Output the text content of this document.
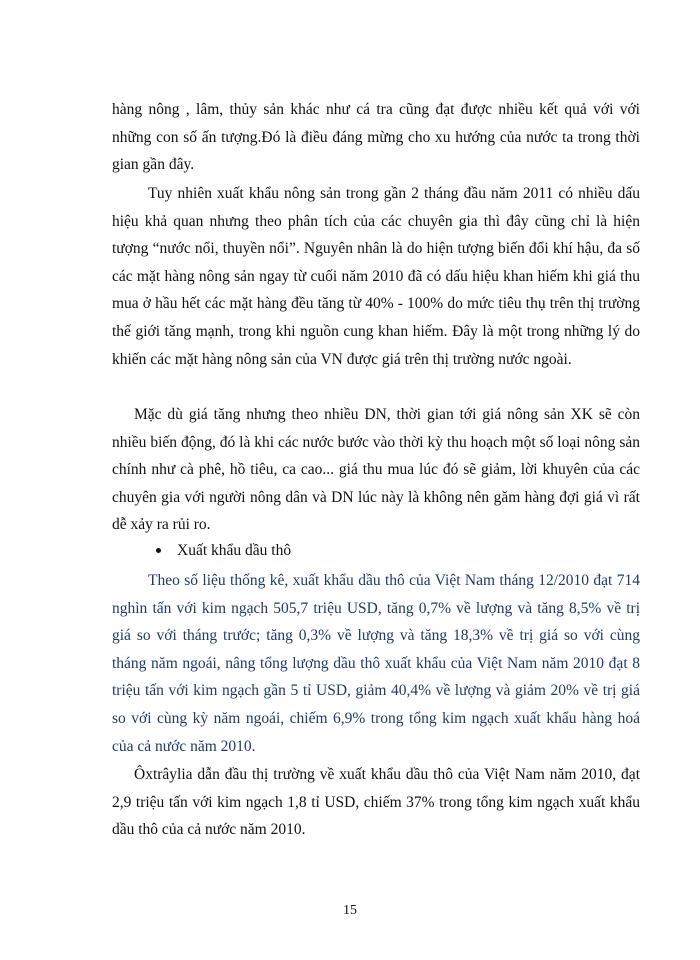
hàng nông , lâm, thủy sản khác như cá tra cũng đạt được nhiều kết quả với với những con số ấn tượng.Đó là điều đáng mừng cho xu hướng của nước ta trong thời gian gần đây.

Tuy nhiên xuất khẩu nông sản trong gần 2 tháng đầu năm 2011 có nhiều dấu hiệu khả quan nhưng theo phân tích của các chuyên gia thì đây cũng chỉ là hiện tượng “nước nổi, thuyền nổi”. Nguyên nhân là do hiện tượng biến đổi khí hậu, đa số các mặt hàng nông sản ngay từ cuối năm 2010 đã có dấu hiệu khan hiếm khi giá thu mua ở hầu hết các mặt hàng đều tăng từ 40% - 100% do mức tiêu thụ trên thị trường thế giới tăng mạnh, trong khi nguồn cung khan hiếm. Đây là một trong những lý do khiến các mặt hàng nông sản của VN được giá trên thị trường nước ngoài.

Mặc dù giá tăng nhưng theo nhiều DN, thời gian tới giá nông sản XK sẽ còn nhiều biến động, đó là khi các nước bước vào thời kỳ thu hoạch một số loại nông sản chính như cà phê, hồ tiêu, ca cao... giá thu mua lúc đó sẽ giảm, lời khuyên của các chuyên gia với người nông dân và DN lúc này là không nên găm hàng đợi giá vì rất dễ xảy ra rủi ro.

Xuất khẩu dầu thô

Theo số liệu thống kê, xuất khẩu dầu thô của Việt Nam tháng 12/2010 đạt 714 nghìn tấn với kim ngạch 505,7 triệu USD, tăng 0,7% về lượng và tăng 8,5% về trị giá so với tháng trước; tăng 0,3% về lượng và tăng 18,3% về trị giá so với cùng tháng năm ngoái, nâng tổng lượng dầu thô xuất khẩu của Việt Nam năm 2010 đạt 8 triệu tấn với kim ngạch gần 5 tỉ USD, giảm 40,4% về lượng và giảm 20% về trị giá so với cùng kỳ năm ngoái, chiếm 6,9% trong tổng kim ngạch xuất khẩu hàng hoá của cả nước năm 2010.

Ôxtrâylia dẫn đầu thị trường về xuất khẩu dầu thô của Việt Nam năm 2010, đạt 2,9 triệu tấn với kim ngạch 1,8 tỉ USD, chiếm 37% trong tổng kim ngạch xuất khẩu dầu thô của cả nước năm 2010.

15
